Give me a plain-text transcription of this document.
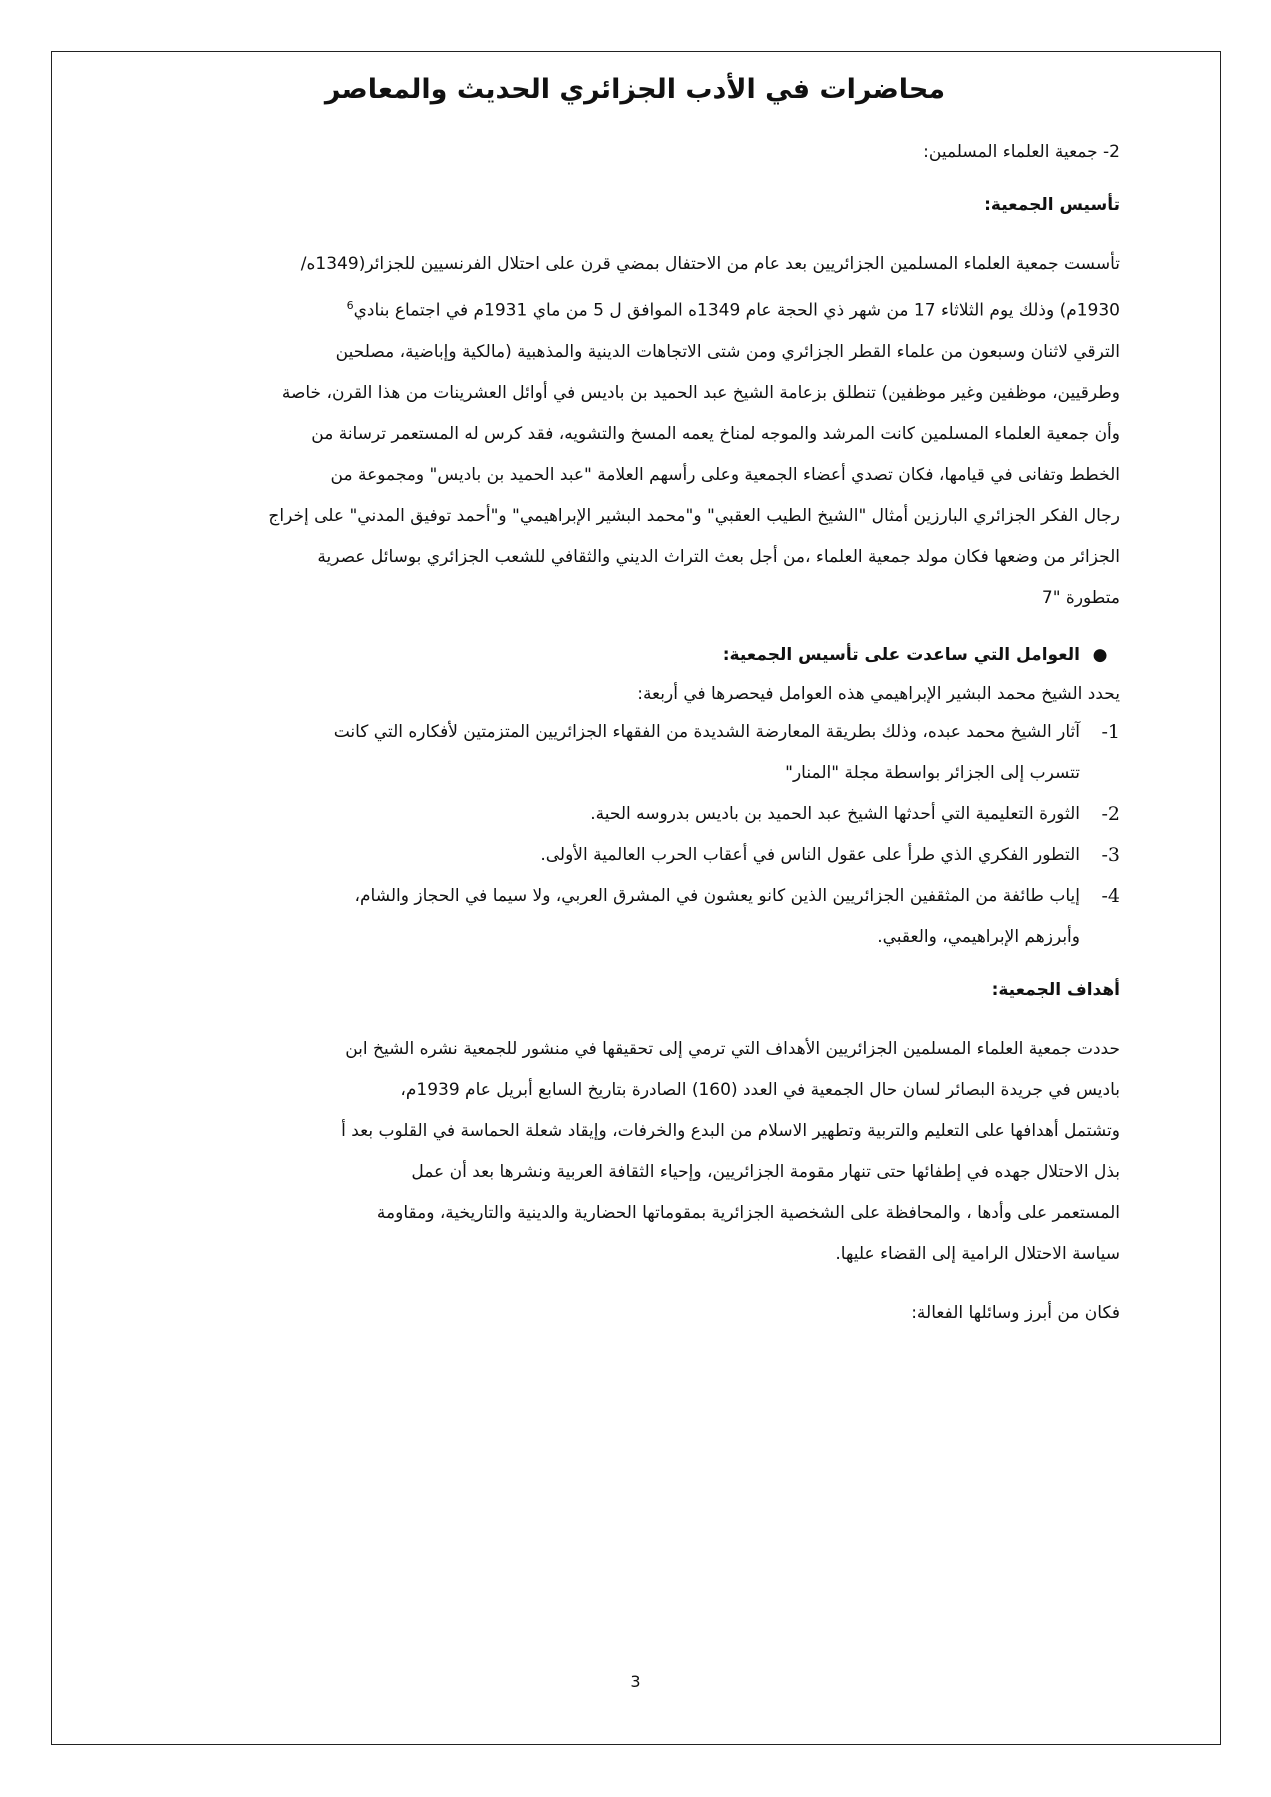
محاضرات في الأدب الجزائري الحديث والمعاصر

2- جمعية العلماء المسلمين:

تأسيس الجمعية:

تأسست جمعية العلماء المسلمين الجزائريين بعد عام من الاحتفال بمضي قرن على احتلال الفرنسيين للجزائر(1349ه/

1930م) وذلك يوم الثلاثاء 17 من شهر ذي الحجة عام 1349ه الموافق ل 5 من ماي 1931م في اجتماع بنادي$^6$

الترقي لاثنان وسبعون من علماء القطر الجزائري ومن شتى الاتجاهات الدينية والمذهبية (مالكية وإباضية، مصلحين

وطرقيين، موظفين وغير موظفين) تنطلق بزعامة الشيخ عبد الحميد بن باديس في أوائل العشرينات من هذا القرن، خاصة

وأن جمعية العلماء المسلمين كانت المرشد والموجه لمناخ يعمه المسخ والتشويه، فقد كرس له المستعمر ترسانة من

الخطط وتفانى في قيامها، فكان تصدي أعضاء الجمعية وعلى رأسهم العلامة "عبد الحميد بن باديس" ومجموعة من

رجال الفكر الجزائري البارزين أمثال "الشيخ الطيب العقبي" و"محمد البشير الإبراهيمي" و"أحمد توفيق المدني" على إخراج

الجزائر من وضعها فكان مولد جمعية العلماء ،من أجل بعث التراث الديني والثقافي للشعب الجزائري بوسائل عصرية

متطورة "7

●
العوامل التي ساعدت على تأسيس الجمعية:

يحدد الشيخ محمد البشير الإبراهيمي هذه العوامل فيحصرها في أربعة:

1-
آثار الشيخ محمد عبده، وذلك بطريقة المعارضة الشديدة من الفقهاء الجزائريين المتزمتين لأفكاره التي كانت
تتسرب إلى الجزائر بواسطة مجلة "المنار"
2-
الثورة التعليمية التي أحدثها الشيخ عبد الحميد بن باديس بدروسه الحية.
3-
التطور الفكري الذي طرأ على عقول الناس في أعقاب الحرب العالمية الأولى.
4-
إياب طائفة من المثقفين الجزائريين الذين كانو يعشون في المشرق العربي، ولا سيما في الحجاز والشام،
وأبرزهم الإبراهيمي، والعقبي.

أهداف الجمعية:

حددت جمعية العلماء المسلمين الجزائريين الأهداف التي ترمي إلى تحقيقها في منشور للجمعية نشره الشيخ ابن

باديس في جريدة البصائر لسان حال الجمعية في العدد (160) الصادرة بتاريخ السابع أبريل عام 1939م،

وتشتمل أهدافها على التعليم والتربية وتطهير الاسلام من البدع والخرفات، وإيقاد شعلة الحماسة في القلوب بعد أ

بذل الاحتلال جهده في إطفائها حتى تنهار مقومة الجزائريين، وإحياء الثقافة العربية ونشرها بعد أن عمل

المستعمر على وأدها ، والمحافظة على الشخصية الجزائرية بمقوماتها الحضارية والدينية والتاريخية، ومقاومة

سياسة الاحتلال الرامية إلى القضاء عليها.

فكان من أبرز وسائلها الفعالة:

3
